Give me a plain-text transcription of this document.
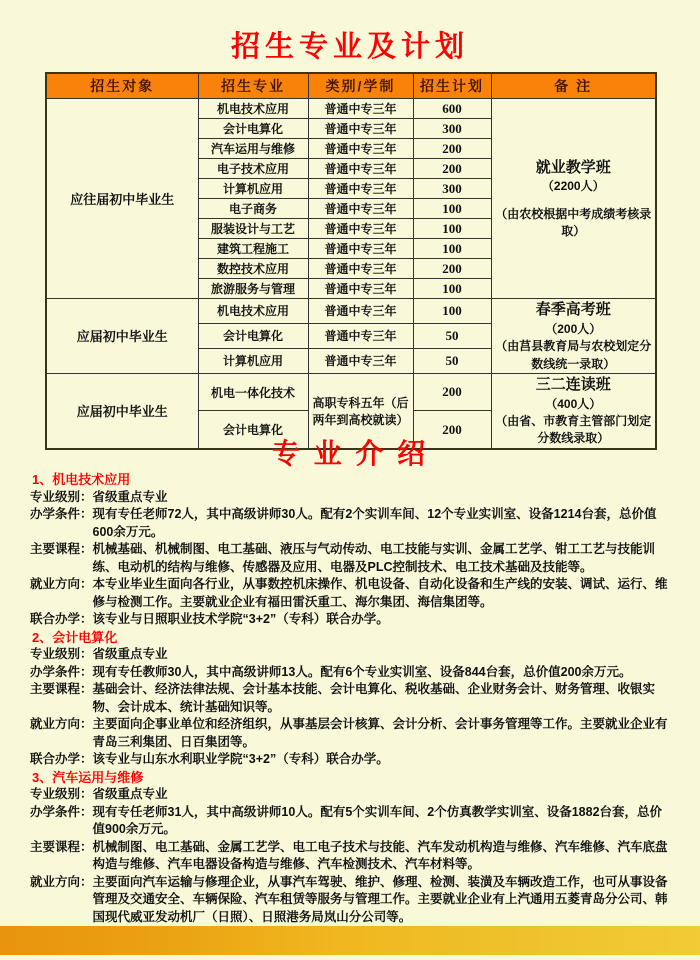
招生专业及计划
招生对象	招生专业	类别/学制	招生计划	备 注
应往届初中毕业生	机电技术应用	普通中专三年	600	就业教学班
（2200人）
（由农校根据中考成绩考核录取）

	会计电算化	普通中专三年	300	
	汽车运用与维修	普通中专三年	200	
	电子技术应用	普通中专三年	200	
	计算机应用	普通中专三年	300	
	电子商务	普通中专三年	100	
	服装设计与工艺	普通中专三年	100	
	建筑工程施工	普通中专三年	100	
	数控技术应用	普通中专三年	200	
	旅游服务与管理	普通中专三年	100	
应届初中毕业生	机电技术应用	普通中专三年	100	春季高考班
（200人）
（由莒县教育局与农校划定分数线统一录取）

	会计电算化	普通中专三年	50	
	计算机应用	普通中专三年	50	
应届初中毕业生	机电一体化技术	高职专科五年（后两年到高校就读）	200	三二连读班
（400人）
（由省、市教育主管部门划定分数线录取）

	会计电算化		200	
专 业 介 绍
1、机电技术应用
专业级别： 省级重点专业
办学条件： 现有专任老师72人，其中高级讲师30人。配有2个实训车间、12个专业实训室、设备1214台套，总价值600余万元。
主要课程： 机械基础、机械制图、电工基础、液压与气动传动、电工技能与实训、金属工艺学、钳工工艺与技能训练、电动机的结构与维修、传感器及应用、电器及PLC控制技术、电工技术基础及技能等。
就业方向： 本专业毕业生面向各行业，从事数控机床操作、机电设备、自动化设备和生产线的安装、调试、运行、维修与检测工作。主要就业企业有福田雷沃重工、海尔集团、海信集团等。
联合办学： 该专业与日照职业技术学院“3+2”（专科）联合办学。
2、会计电算化
专业级别： 省级重点专业
办学条件： 现有专任教师30人，其中高级讲师13人。配有6个专业实训室、设备844台套，总价值200余万元。
主要课程： 基础会计、经济法律法规、会计基本技能、会计电算化、税收基础、企业财务会计、财务管理、收银实物、会计成本、统计基础知识等。
就业方向： 主要面向企事业单位和经济组织，从事基层会计核算、会计分析、会计事务管理等工作。主要就业企业有青岛三利集团、日百集团等。
联合办学： 该专业与山东水利职业学院“3+2”（专科）联合办学。
3、汽车运用与维修
专业级别： 省级重点专业
办学条件： 现有专任老师31人，其中高级讲师10人。配有5个实训车间、2个仿真教学实训室、设备1882台套，总价值900余万元。
主要课程： 机械制图、电工基础、金属工艺学、电工电子技术与技能、汽车发动机构造与维修、汽车维修、汽车底盘构造与维修、汽车电器设备构造与维修、汽车检测技术、汽车材料等。
就业方向： 主要面向汽车运输与修理企业，从事汽车驾驶、维护、修理、检测、装潢及车辆改造工作，也可从事设备管理及交通安全、车辆保险、汽车租赁等服务与管理工作。主要就业企业有上汽通用五菱青岛分公司、韩国现代威亚发动机厂（日照）、日照港务局岚山分公司等。
